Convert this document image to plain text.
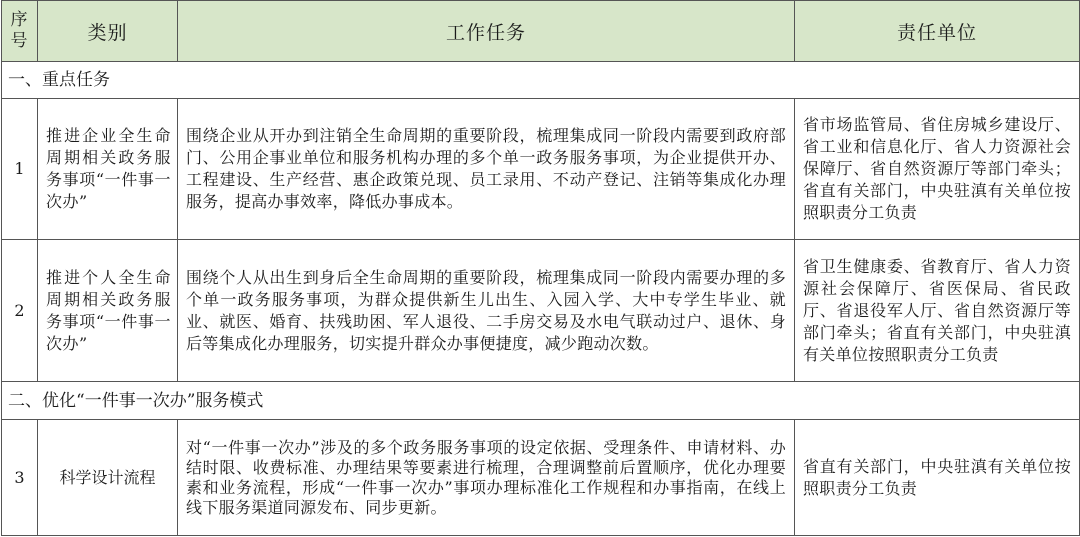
序号	类别	工作任务	责任单位
一、重点任务			
1	推进企业全生命周期相关政务服务事项“一件事一次办”	围绕企业从开办到注销全生命周期的重要阶段，梳理集成同一阶段内需要到政府部门、公用企事业单位和服务机构办理的多个单一政务服务事项，为企业提供开办、工程建设、生产经营、惠企政策兑现、员工录用、不动产登记、注销等集成化办理服务，提高办事效率，降低办事成本。	省市场监管局、省住房城乡建设厅、省工业和信息化厅、省人力资源社会保障厅、省自然资源厅等部门牵头；省直有关部门，中央驻滇有关单位按照职责分工负责
2	推进个人全生命周期相关政务服务事项“一件事一次办”	围绕个人从出生到身后全生命周期的重要阶段，梳理集成同一阶段内需要办理的多个单一政务服务事项，为群众提供新生儿出生、入园入学、大中专学生毕业、就业、就医、婚育、扶残助困、军人退役、二手房交易及水电气联动过户、退休、身后等集成化办理服务，切实提升群众办事便捷度，减少跑动次数。	省卫生健康委、省教育厅、省人力资源社会保障厅、省医保局、省民政厅、省退役军人厅、省自然资源厅等部门牵头；省直有关部门，中央驻滇有关单位按照职责分工负责
二、优化“一件事一次办”服务模式			
3	科学设计流程	对“一件事一次办”涉及的多个政务服务事项的设定依据、受理条件、申请材料、办结时限、收费标准、办理结果等要素进行梳理，合理调整前后置顺序，优化办理要素和业务流程，形成“一件事一次办”事项办理标准化工作规程和办事指南，在线上线下服务渠道同源发布、同步更新。	省直有关部门，中央驻滇有关单位按照职责分工负责
